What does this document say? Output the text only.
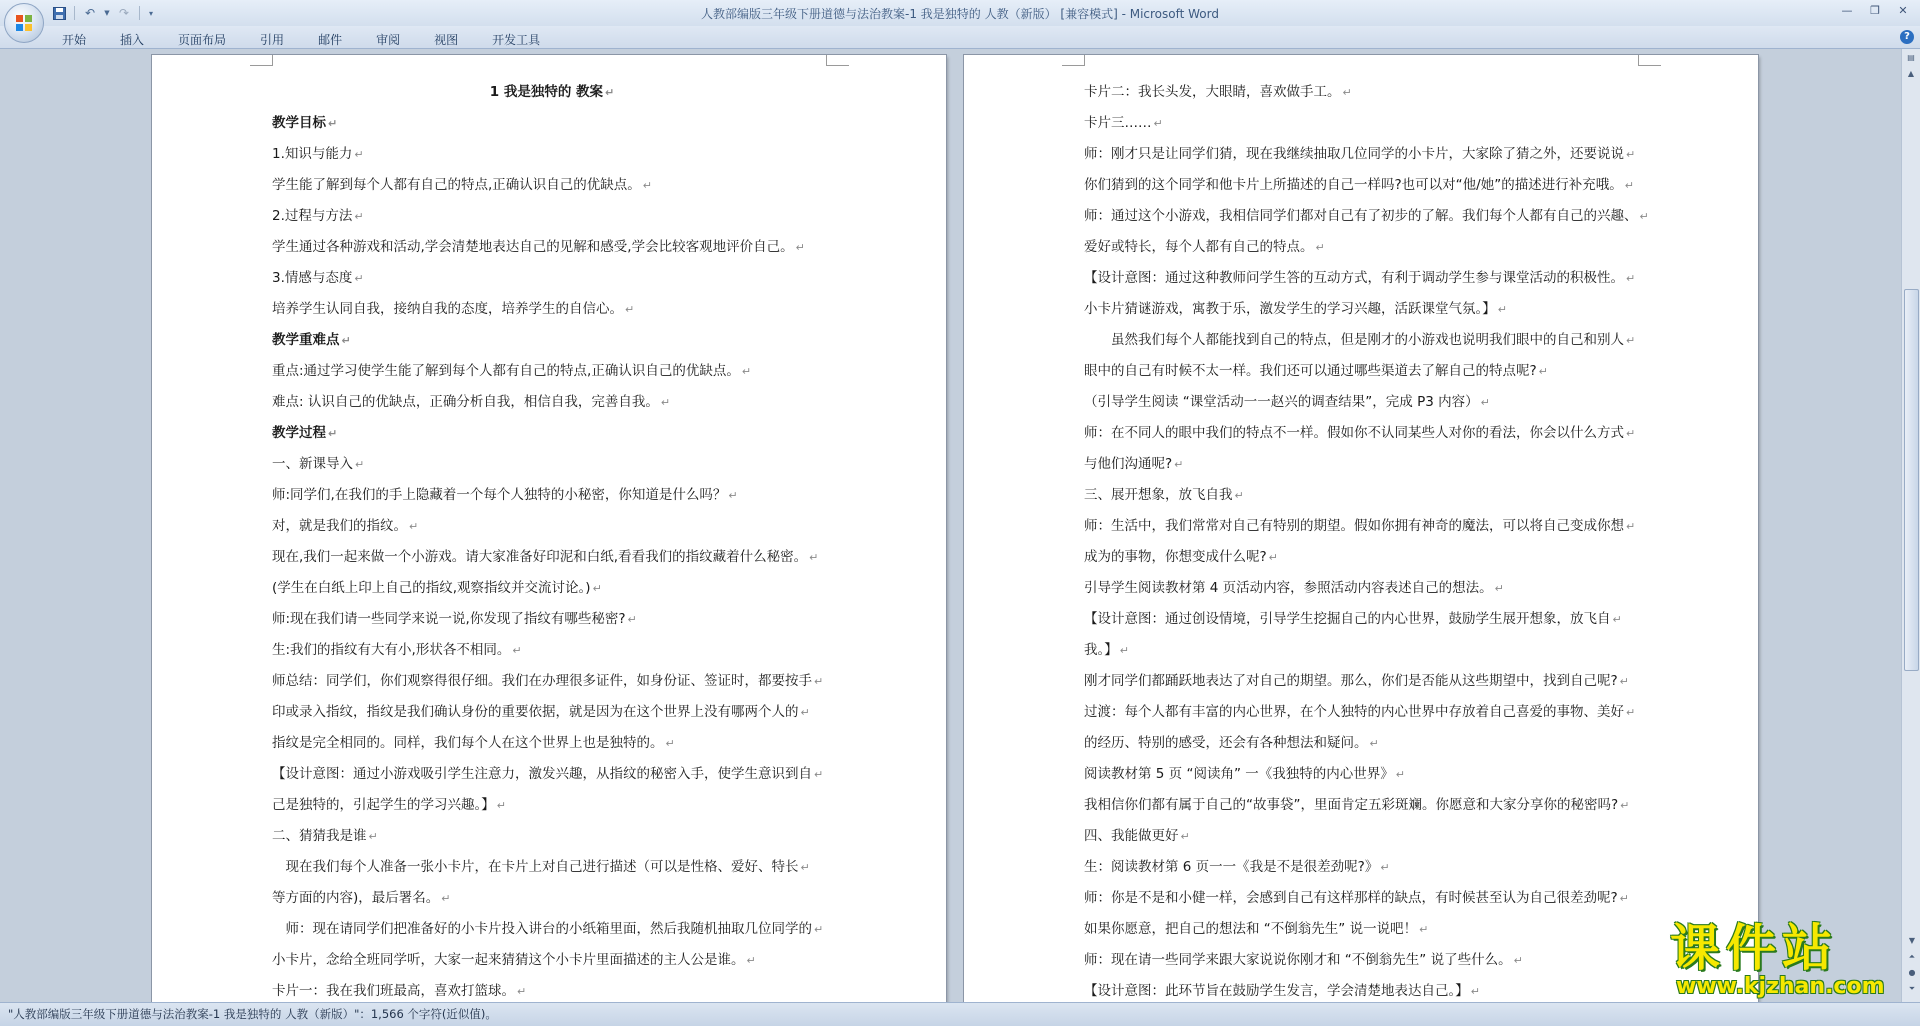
↶	▼ ↷	▾	人教部编版三年级下册道德与法治教案-1 我是独特的 人教（新版） [兼容模式] - Microsoft Word	—	❐	✕
开始	插入	页面布局	引用	邮件	审阅	视图	开发工具	?
1 我是独特的 教案 ↵
教学目标 ↵
1.知识与能力 ↵
学生能了解到每个人都有自己的特点,正确认识自己的优缺点。 ↵
2.过程与方法 ↵
学生通过各种游戏和活动,学会清楚地表达自己的见解和感受,学会比较客观地评价自己。 ↵
3.情感与态度 ↵
培养学生认同自我，接纳自我的态度，培养学生的自信心。 ↵
教学重难点 ↵
重点:通过学习使学生能了解到每个人都有自己的特点,正确认识自己的优缺点。 ↵
难点: 认识自己的优缺点，正确分析自我，相信自我，完善自我。 ↵
教学过程 ↵
一、新课导入 ↵
师:同学们,在我们的手上隐藏着一个每个人独特的小秘密，你知道是什么吗？ ↵
对，就是我们的指纹。 ↵
现在,我们一起来做一个小游戏。请大家准备好印泥和白纸,看看我们的指纹藏着什么秘密。 ↵
(学生在白纸上印上自己的指纹,观察指纹并交流讨论。) ↵
师:现在我们请一些同学来说一说,你发现了指纹有哪些秘密? ↵
生:我们的指纹有大有小,形状各不相同。 ↵
师总结：同学们，你们观察得很仔细。我们在办理很多证件，如身份证、签证时，都要按手 ↵
印或录入指纹，指纹是我们确认身份的重要依据，就是因为在这个世界上没有哪两个人的 ↵
指纹是完全相同的。同样，我们每个人在这个世界上也是独特的。 ↵
【设计意图：通过小游戏吸引学生注意力，激发兴趣，从指纹的秘密入手，使学生意识到自 ↵
己是独特的，引起学生的学习兴趣。】 ↵
二、猜猜我是谁 ↵
现在我们每个人准备一张小卡片，在卡片上对自己进行描述（可以是性格、爱好、特长 ↵
等方面的内容)，最后署名。 ↵
师：现在请同学们把准备好的小卡片投入讲台的小纸箱里面，然后我随机抽取几位同学的 ↵
小卡片，念给全班同学听，大家一起来猜猜这个小卡片里面描述的主人公是谁。 ↵
卡片一：我在我们班最高，喜欢打篮球。 ↵
卡片二：我长头发，大眼睛，喜欢做手工。 ↵
卡片三…… ↵
师：刚才只是让同学们猜，现在我继续抽取几位同学的小卡片，大家除了猜之外，还要说说 ↵
你们猜到的这个同学和他卡片上所描述的自己一样吗?也可以对“他/她”的描述进行补充哦。 ↵
师：通过这个小游戏，我相信同学们都对自己有了初步的了解。我们每个人都有自己的兴趣、 ↵
爱好或特长，每个人都有自己的特点。 ↵
【设计意图：通过这种教师问学生答的互动方式，有利于调动学生参与课堂活动的积极性。 ↵
小卡片猜谜游戏，寓教于乐，激发学生的学习兴趣，活跃课堂气氛。】 ↵
虽然我们每个人都能找到自己的特点，但是刚才的小游戏也说明我们眼中的自己和别人 ↵
眼中的自己有时候不太一样。我们还可以通过哪些渠道去了解自己的特点呢? ↵
（引导学生阅读 “课堂活动一一赵兴的调查结果”，完成 P3 内容） ↵
师：在不同人的眼中我们的特点不一样。假如你不认同某些人对你的看法，你会以什么方式 ↵
与他们沟通呢? ↵
三、展开想象，放飞自我 ↵
师：生活中，我们常常对自己有特别的期望。假如你拥有神奇的魔法，可以将自己变成你想 ↵
成为的事物，你想变成什么呢? ↵
引导学生阅读教材第 4 页活动内容，参照活动内容表述自己的想法。 ↵
【设计意图：通过创设情境，引导学生挖掘自己的内心世界，鼓励学生展开想象，放飞自 ↵
我。】 ↵
刚才同学们都踊跃地表达了对自己的期望。那么，你们是否能从这些期望中，找到自己呢? ↵
过渡：每个人都有丰富的内心世界，在个人独特的内心世界中存放着自己喜爱的事物、美好 ↵
的经历、特别的感受，还会有各种想法和疑问。 ↵
阅读教材第 5 页 “阅读角” 一《我独特的内心世界》 ↵
我相信你们都有属于自己的“故事袋”，里面肯定五彩斑斓。你愿意和大家分享你的秘密吗? ↵
四、我能做更好 ↵
生：阅读教材第 6 页一一《我是不是很差劲呢?》 ↵
师：你是不是和小健一样，会感到自己有这样那样的缺点，有时候甚至认为自己很差劲呢? ↵
如果你愿意，把自己的想法和 “不倒翁先生” 说一说吧！ ↵
师：现在请一些同学来跟大家说说你刚才和 “不倒翁先生” 说了些什么。 ↵
【设计意图：此环节旨在鼓励学生发言，学会清楚地表达自己。】 ↵
▤
▲
▼
⏶
●
⏷
"人教部编版三年级下册道德与法治教案-1 我是独特的 人教（新版）"：1,566 个字符(近似值)。
课件站
www.kjzhan.com
